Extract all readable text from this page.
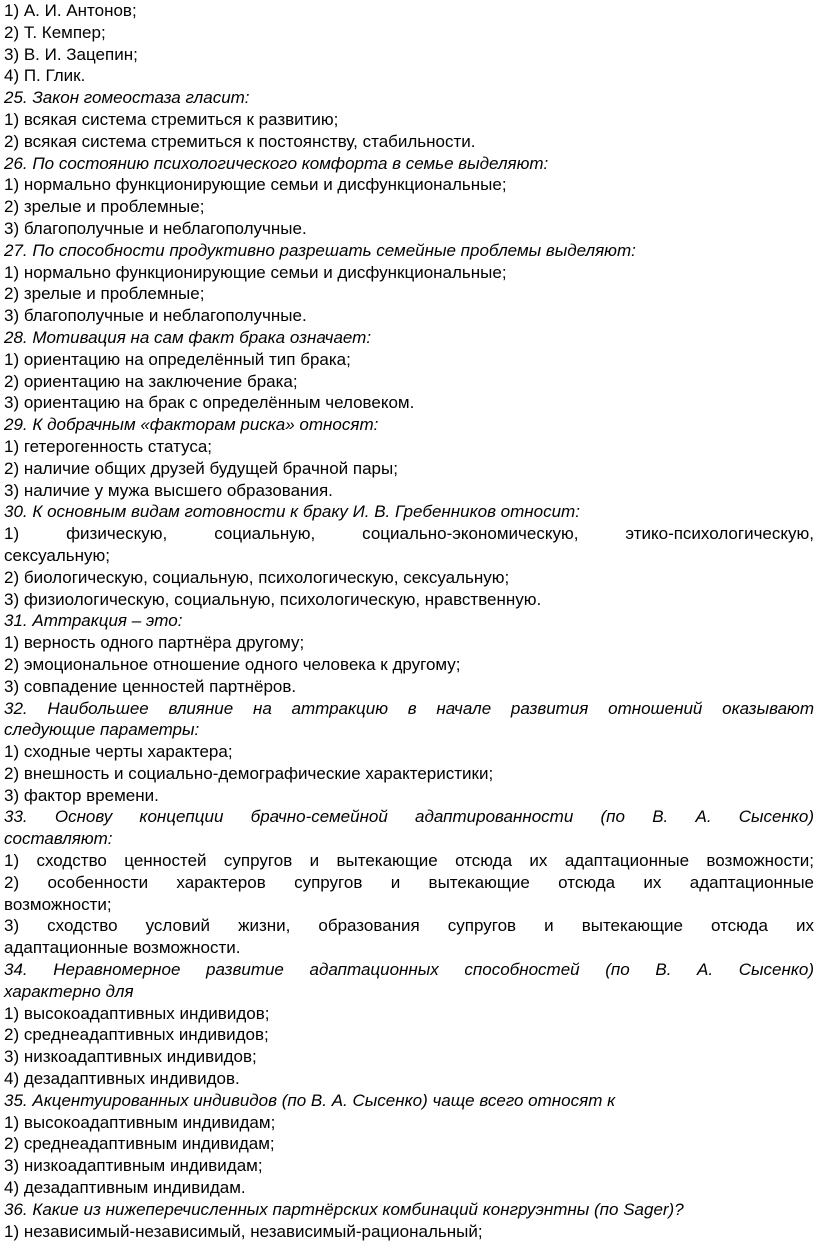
1) А. И. Антонов;
2) Т. Кемпер;
3) В. И. Зацепин;
4) П. Глик.
25. Закон гомеостаза гласит:
1) всякая система стремиться к развитию;
2) всякая система стремиться к постоянству, стабильности.
26. По состоянию психологического комфорта в семье выделяют:
1) нормально функционирующие семьи и дисфункциональные;
2) зрелые и проблемные;
3) благополучные и неблагополучные.
27. По способности продуктивно разрешать семейные проблемы выделяют:
1) нормально функционирующие семьи и дисфункциональные;
2) зрелые и проблемные;
3) благополучные и неблагополучные.
28. Мотивация на сам факт брака означает:
1) ориентацию на определённый тип брака;
2) ориентацию на заключение брака;
3) ориентацию на брак с определённым человеком.
29. К добрачным «факторам риска» относят:
1) гетерогенность статуса;
2) наличие общих друзей будущей брачной пары;
3) наличие у мужа высшего образования.
30. К основным видам готовности к браку И. В. Гребенников относит:
1) физическую, социальную, социально-экономическую, этико-психологическую,
сексуальную;
2) биологическую, социальную, психологическую, сексуальную;
3) физиологическую, социальную, психологическую, нравственную.
31. Аттракция – это:
1) верность одного партнёра другому;
2) эмоциональное отношение одного человека к другому;
3) совпадение ценностей партнёров.
32. Наибольшее влияние на аттракцию в начале развития отношений оказывают
следующие параметры:
1) сходные черты характера;
2) внешность и социально-демографические характеристики;
3) фактор времени.
33. Основу концепции брачно-семейной адаптированности (по В. А. Сысенко)
составляют:
1) сходство ценностей супругов и вытекающие отсюда их адаптационные возможности;
2) особенности характеров супругов и вытекающие отсюда их адаптационные
возможности;
3) сходство условий жизни, образования супругов и вытекающие отсюда их
адаптационные возможности.
34. Неравномерное развитие адаптационных способностей (по В. А. Сысенко)
характерно для
1) высокоадаптивных индивидов;
2) среднеадаптивных индивидов;
3) низкоадаптивных индивидов;
4) дезадаптивных индивидов.
35. Акцентуированных индивидов (по В. А. Сысенко) чаще всего относят к
1) высокоадаптивным индивидам;
2) среднеадаптивным индивидам;
3) низкоадаптивным индивидам;
4) дезадаптивным индивидам.
36. Какие из нижеперечисленных партнёрских комбинаций конгруэнтны (по Sager)?
1) независимый-независимый, независимый-рациональный;
